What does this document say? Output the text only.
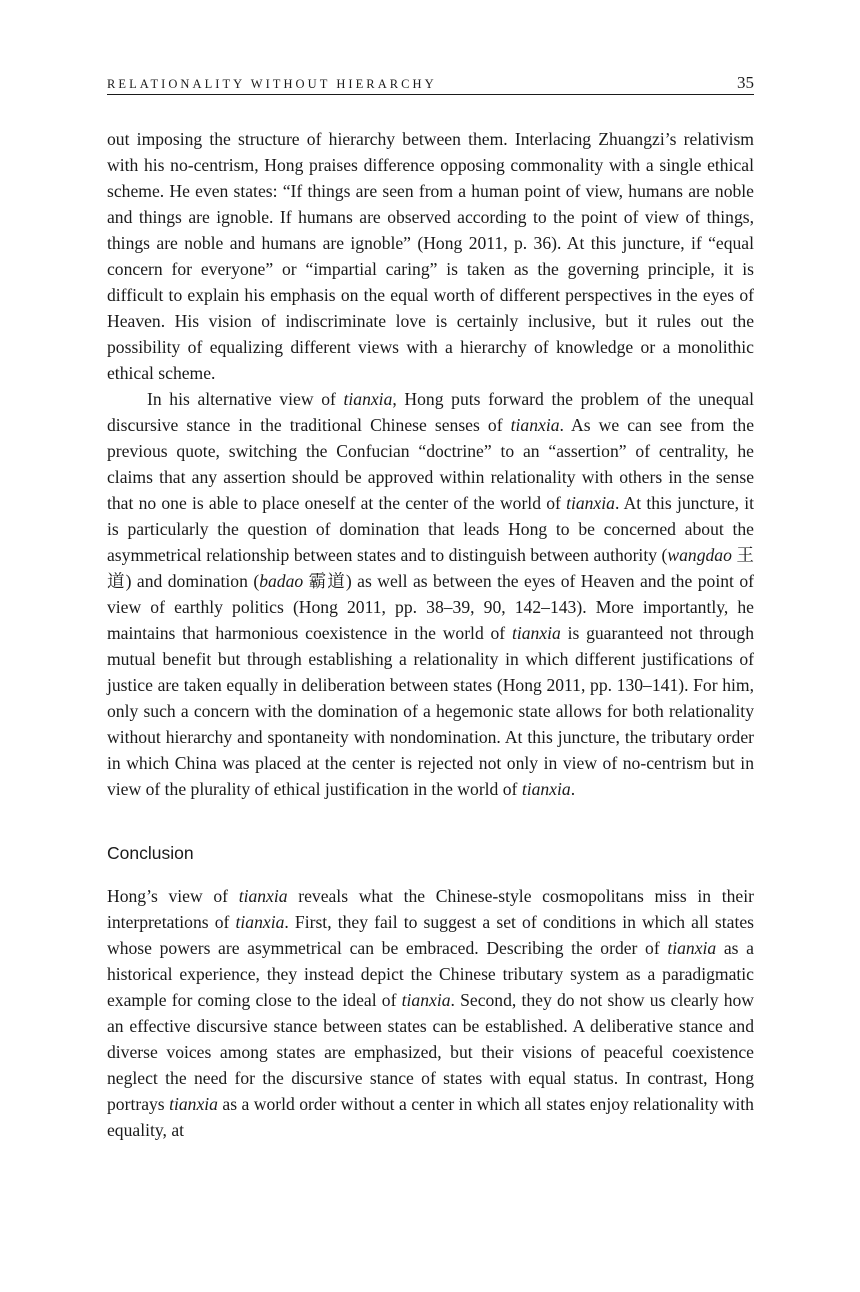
RELATIONALITY WITHOUT HIERARCHY	35

out imposing the structure of hierarchy between them. Interlacing Zhuangzi’s relativism with his no-centrism, Hong praises difference opposing commonality with a single ethical scheme. He even states: “If things are seen from a human point of view, humans are noble and things are ignoble. If humans are observed according to the point of view of things, things are noble and humans are ignoble” (Hong 2011, p. 36). At this juncture, if “equal concern for everyone” or “impartial caring” is taken as the governing principle, it is difficult to explain his emphasis on the equal worth of different perspectives in the eyes of Heaven. His vision of indiscriminate love is certainly inclusive, but it rules out the possibility of equalizing different views with a hierarchy of knowledge or a monolithic ethical scheme.

In his alternative view of tianxia, Hong puts forward the problem of the unequal discursive stance in the traditional Chinese senses of tianxia. As we can see from the previous quote, switching the Confucian “doctrine” to an “assertion” of centrality, he claims that any assertion should be approved within relationality with others in the sense that no one is able to place oneself at the center of the world of tianxia. At this juncture, it is particularly the question of domination that leads Hong to be concerned about the asymmetrical relationship between states and to distinguish between authority (wangdao 王道) and domination (badao 霸道) as well as between the eyes of Heaven and the point of view of earthly politics (Hong 2011, pp. 38–39, 90, 142–143). More importantly, he maintains that harmonious coexistence in the world of tianxia is guaranteed not through mutual benefit but through establishing a relationality in which different justifications of justice are taken equally in deliberation between states (Hong 2011, pp. 130–141). For him, only such a concern with the domination of a hegemonic state allows for both relationality without hierarchy and spontaneity with nondomination. At this juncture, the tributary order in which China was placed at the center is rejected not only in view of no-centrism but in view of the plurality of ethical justification in the world of tianxia.

Conclusion

Hong’s view of tianxia reveals what the Chinese-style cosmopolitans miss in their interpretations of tianxia. First, they fail to suggest a set of conditions in which all states whose powers are asymmetrical can be embraced. Describing the order of tianxia as a historical experience, they instead depict the Chinese tributary system as a paradigmatic example for coming close to the ideal of tianxia. Second, they do not show us clearly how an effective discursive stance between states can be established. A deliberative stance and diverse voices among states are emphasized, but their visions of peaceful coexistence neglect the need for the discursive stance of states with equal status. In contrast, Hong portrays tianxia as a world order without a center in which all states enjoy relationality with equality, at
